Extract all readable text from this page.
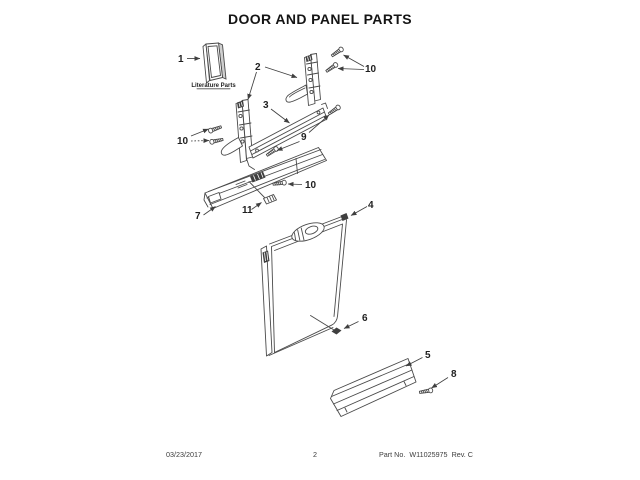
DOOR AND PANEL PARTS
Literature Parts
1
2	10
10
3
9
11
7
10
4
6
5
8
03/23/2017	2	Part No. W11025975 Rev. C
